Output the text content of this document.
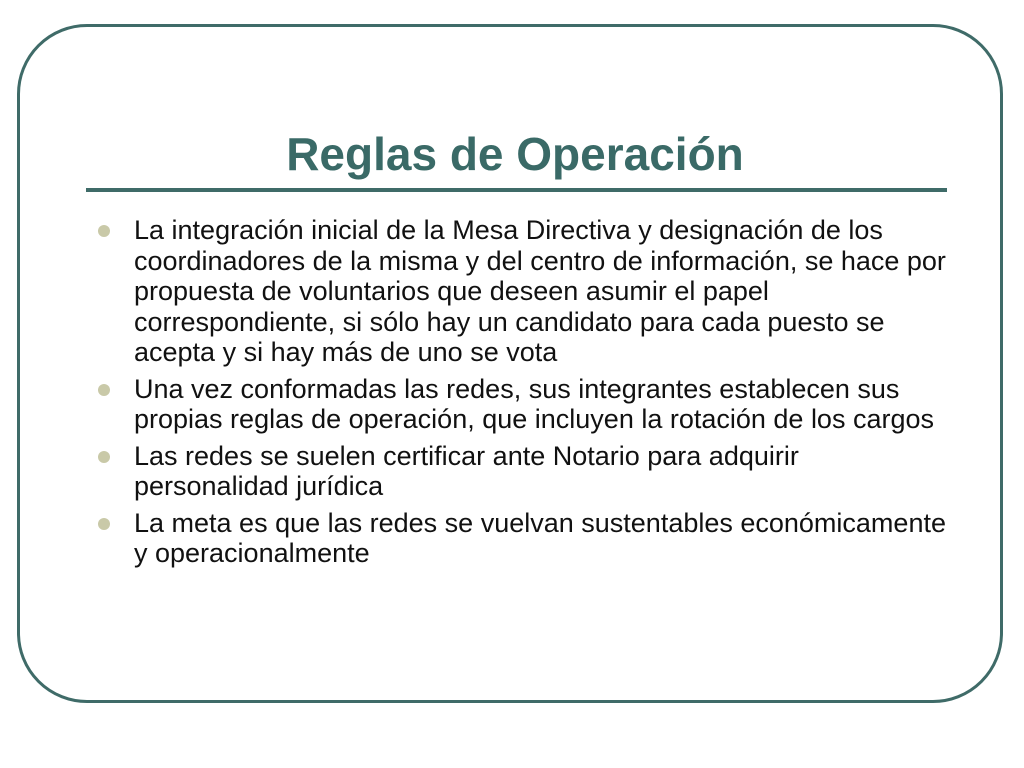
Reglas de Operación
La integración inicial de la Mesa Directiva y designación de los coordinadores de la misma y del centro de información, se hace por propuesta de voluntarios que deseen asumir el papel correspondiente, si sólo hay un candidato para cada puesto se acepta y si hay más de uno se vota
Una vez conformadas las redes, sus integrantes establecen sus propias reglas de operación, que incluyen la rotación de los cargos
Las redes se suelen certificar ante Notario para adquirir personalidad jurídica
La meta es que las redes se vuelvan sustentables económicamente y operacionalmente
